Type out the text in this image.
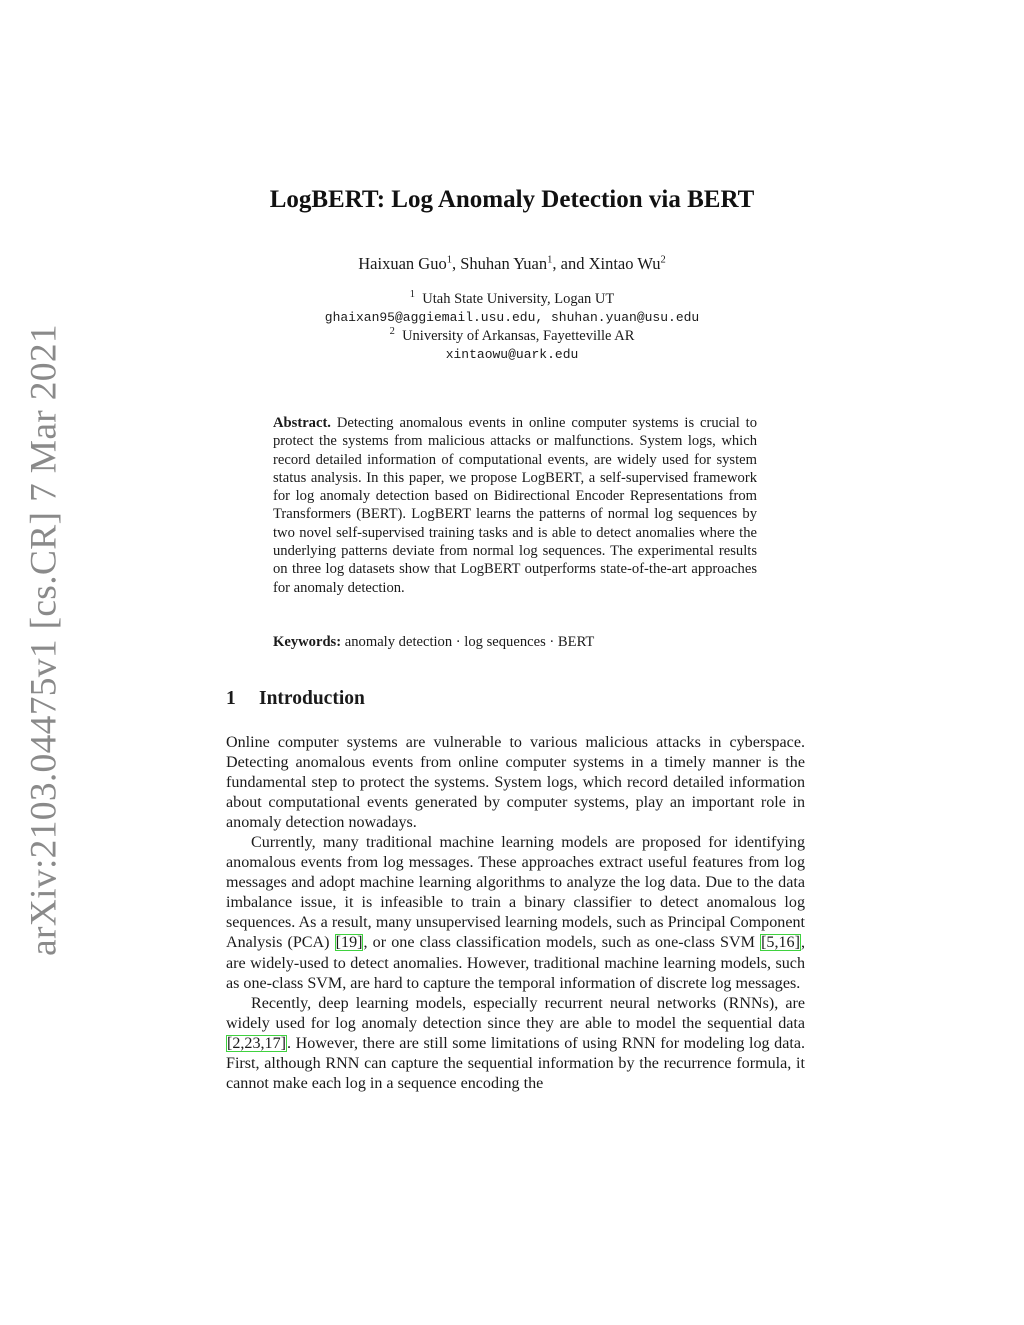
arXiv:2103.04475v1 [cs.CR] 7 Mar 2021
LogBERT: Log Anomaly Detection via BERT
Haixuan Guo$^1$, Shuhan Yuan$^1$, and Xintao Wu$^2$
$^1$ Utah State University, Logan UT
ghaixan95@aggiemail.usu.edu, shuhan.yuan@usu.edu
$^2$ University of Arkansas, Fayetteville AR
xintaowu@uark.edu
Abstract. Detecting anomalous events in online computer systems is crucial to protect the systems from malicious attacks or malfunctions. System logs, which record detailed information of computational events, are widely used for system status analysis. In this paper, we propose LogBERT, a self-supervised framework for log anomaly detection based on Bidirectional Encoder Representations from Transformers (BERT). LogBERT learns the patterns of normal log sequences by two novel self-supervised training tasks and is able to detect anomalies where the underlying patterns deviate from normal log sequences. The experimental results on three log datasets show that LogBERT outperforms state-of-the-art approaches for anomaly detection.
Keywords: anomaly detection · log sequences · BERT
1 Introduction

Online computer systems are vulnerable to various malicious attacks in cyberspace. Detecting anomalous events from online computer systems in a timely manner is the fundamental step to protect the systems. System logs, which record detailed information about computational events generated by computer systems, play an important role in anomaly detection nowadays.

Currently, many traditional machine learning models are proposed for identifying anomalous events from log messages. These approaches extract useful features from log messages and adopt machine learning algorithms to analyze the log data. Due to the data imbalance issue, it is infeasible to train a binary classifier to detect anomalous log sequences. As a result, many unsupervised learning models, such as Principal Component Analysis (PCA) [19], or one class classification models, such as one-class SVM [5,16], are widely-used to detect anomalies. However, traditional machine learning models, such as one-class SVM, are hard to capture the temporal information of discrete log messages.

Recently, deep learning models, especially recurrent neural networks (RNNs), are widely used for log anomaly detection since they are able to model the sequential data [2,23,17]. However, there are still some limitations of using RNN for modeling log data. First, although RNN can capture the sequential information by the recurrence formula, it cannot make each log in a sequence encoding the
